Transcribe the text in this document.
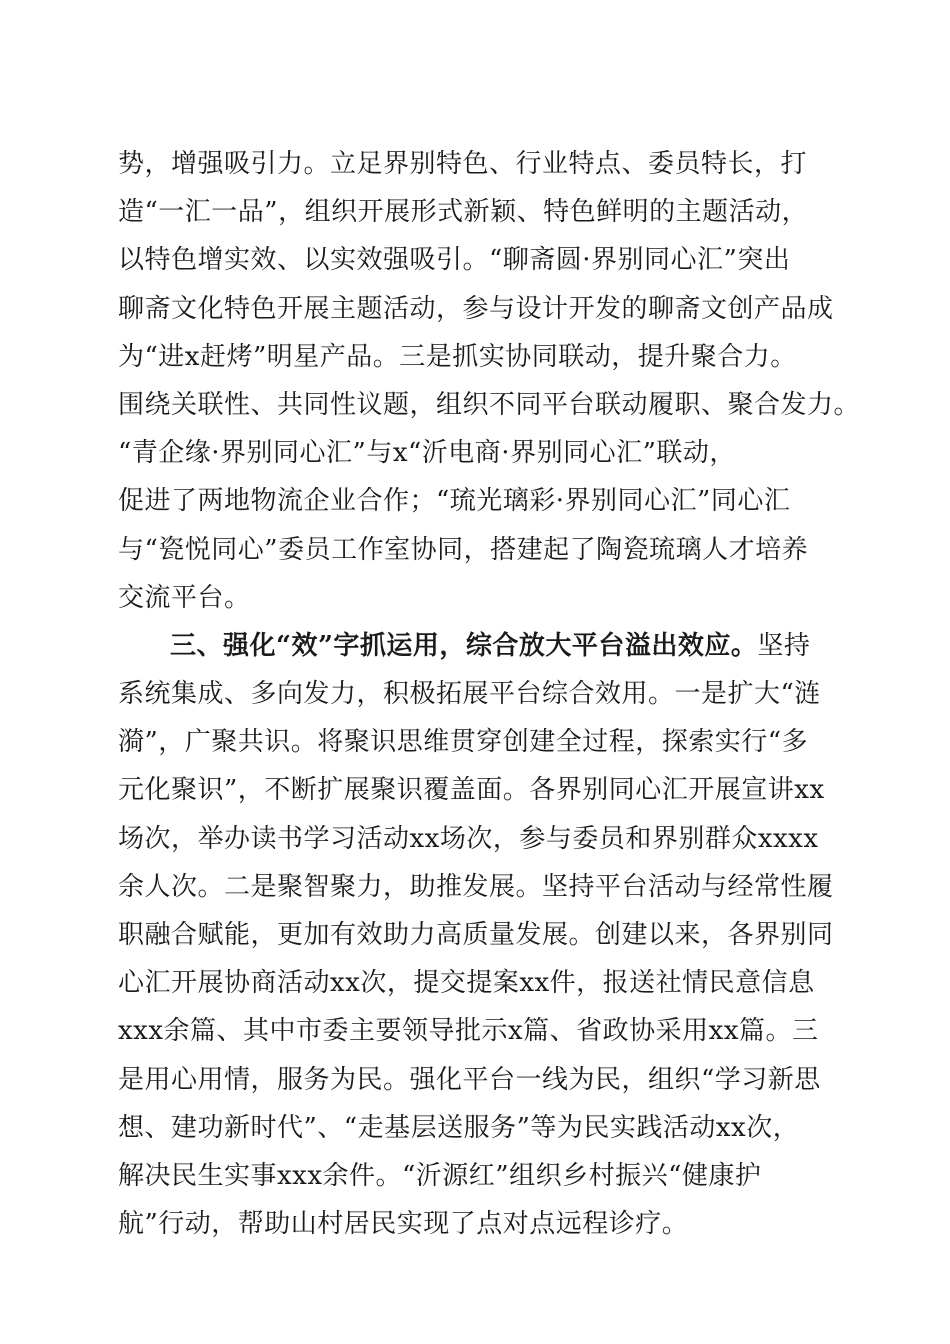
势，增强吸引力。立足界别特色、行业特点、委员特长，打
造“一汇一品”，组织开展形式新颖、特色鲜明的主题活动，
以特色增实效、以实效强吸引。“聊斋圆·界别同心汇”突出
聊斋文化特色开展主题活动，参与设计开发的聊斋文创产品成
为“进x赶烤”明星产品。三是抓实协同联动，提升聚合力。
围绕关联性、共同性议题，组织不同平台联动履职、聚合发力。
“青企缘·界别同心汇”与x“沂电商·界别同心汇”联动，
促进了两地物流企业合作；“琉光璃彩·界别同心汇”同心汇
与“瓷悦同心”委员工作室协同，搭建起了陶瓷琉璃人才培养
交流平台。
三、强化“效”字抓运用，综合放大平台溢出效应。坚持
系统集成、多向发力，积极拓展平台综合效用。一是扩大“涟
漪”，广聚共识。将聚识思维贯穿创建全过程，探索实行“多
元化聚识”，不断扩展聚识覆盖面。各界别同心汇开展宣讲xx
场次，举办读书学习活动xx场次，参与委员和界别群众xxxx
余人次。二是聚智聚力，助推发展。坚持平台活动与经常性履
职融合赋能，更加有效助力高质量发展。创建以来，各界别同
心汇开展协商活动xx次，提交提案xx件，报送社情民意信息
xxx余篇、其中市委主要领导批示x篇、省政协采用xx篇。三
是用心用情，服务为民。强化平台一线为民，组织“学习新思
想、建功新时代”、“走基层送服务”等为民实践活动xx次，
解决民生实事xxx余件。“沂源红”组织乡村振兴“健康护
航”行动，帮助山村居民实现了点对点远程诊疗。
